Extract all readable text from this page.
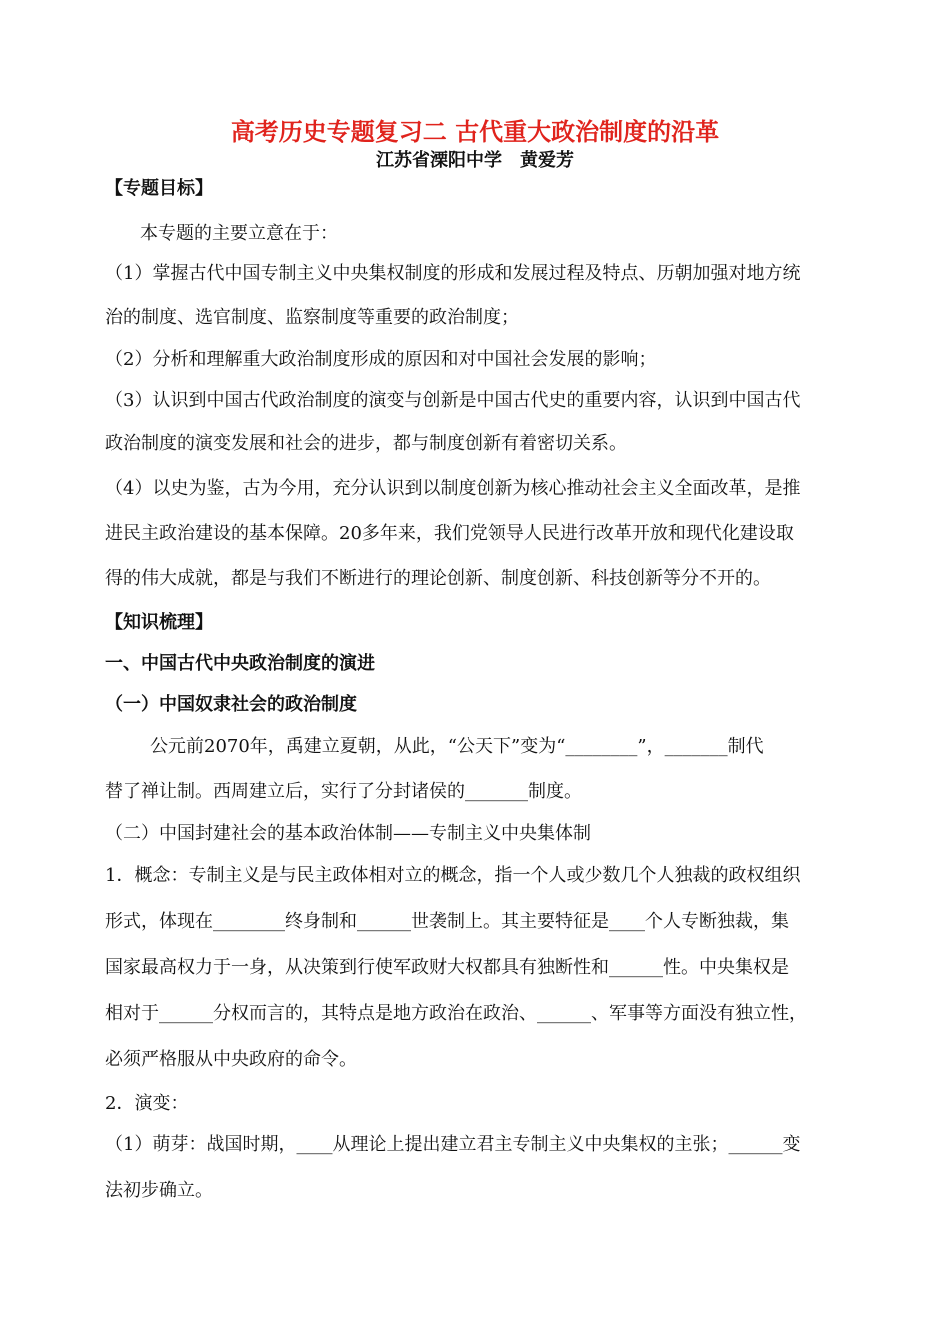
高考历史专题复习二 古代重大政治制度的沿革
江苏省溧阳中学　黄爱芳
【专题目标】
本专题的主要立意在于：
（1）掌握古代中国专制主义中央集权制度的形成和发展过程及特点、历朝加强对地方统
治的制度、选官制度、监察制度等重要的政治制度；
（2）分析和理解重大政治制度形成的原因和对中国社会发展的影响；
（3）认识到中国古代政治制度的演变与创新是中国古代史的重要内容，认识到中国古代
政治制度的演变发展和社会的进步，都与制度创新有着密切关系。
（4）以史为鉴，古为今用，充分认识到以制度创新为核心推动社会主义全面改革，是推
进民主政治建设的基本保障。20多年来，我们党领导人民进行改革开放和现代化建设取
得的伟大成就，都是与我们不断进行的理论创新、制度创新、科技创新等分不开的。
【知识梳理】
一、中国古代中央政治制度的演进
（一）中国奴隶社会的政治制度
公元前2070年，禹建立夏朝，从此，“公天下”变为“________”，_______制代
替了禅让制。西周建立后，实行了分封诸侯的_______制度。
（二）中国封建社会的基本政治体制——专制主义中央集体制
1．概念：专制主义是与民主政体相对立的概念，指一个人或少数几个人独裁的政权组织
形式，体现在________终身制和______世袭制上。其主要特征是____个人专断独裁，集
国家最高权力于一身，从决策到行使军政财大权都具有独断性和______性。中央集权是
相对于______分权而言的，其特点是地方政治在政治、______、军事等方面没有独立性，
必须严格服从中央政府的命令。
2．演变：
（1）萌芽：战国时期，____从理论上提出建立君主专制主义中央集权的主张；______变
法初步确立。
